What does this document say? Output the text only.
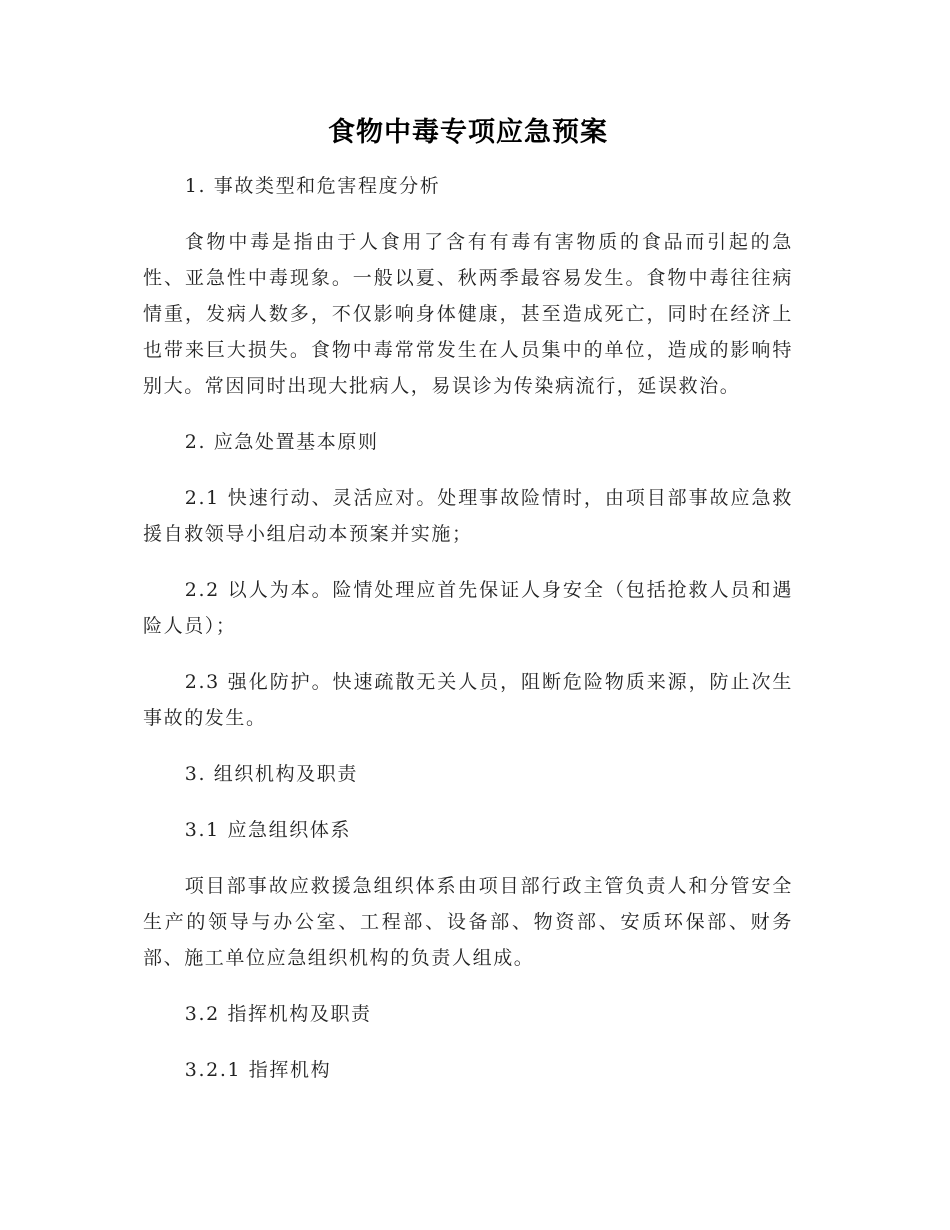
食物中毒专项应急预案
1. 事故类型和危害程度分析

食物中毒是指由于人食用了含有有毒有害物质的食品而引起的急性、亚急性中毒现象。一般以夏、秋两季最容易发生。食物中毒往往病情重，发病人数多，不仅影响身体健康，甚至造成死亡，同时在经济上也带来巨大损失。食物中毒常常发生在人员集中的单位，造成的影响特别大。常因同时出现大批病人，易误诊为传染病流行，延误救治。

2. 应急处置基本原则

2.1 快速行动、灵活应对。处理事故险情时，由项目部事故应急救援自救领导小组启动本预案并实施；

2.2 以人为本。险情处理应首先保证人身安全（包括抢救人员和遇险人员）；

2.3 强化防护。快速疏散无关人员，阻断危险物质来源，防止次生事故的发生。

3. 组织机构及职责
3.1 应急组织体系

项目部事故应救援急组织体系由项目部行政主管负责人和分管安全生产的领导与办公室、工程部、设备部、物资部、安质环保部、财务部、施工单位应急组织机构的负责人组成。

3.2 指挥机构及职责
3.2.1 指挥机构
